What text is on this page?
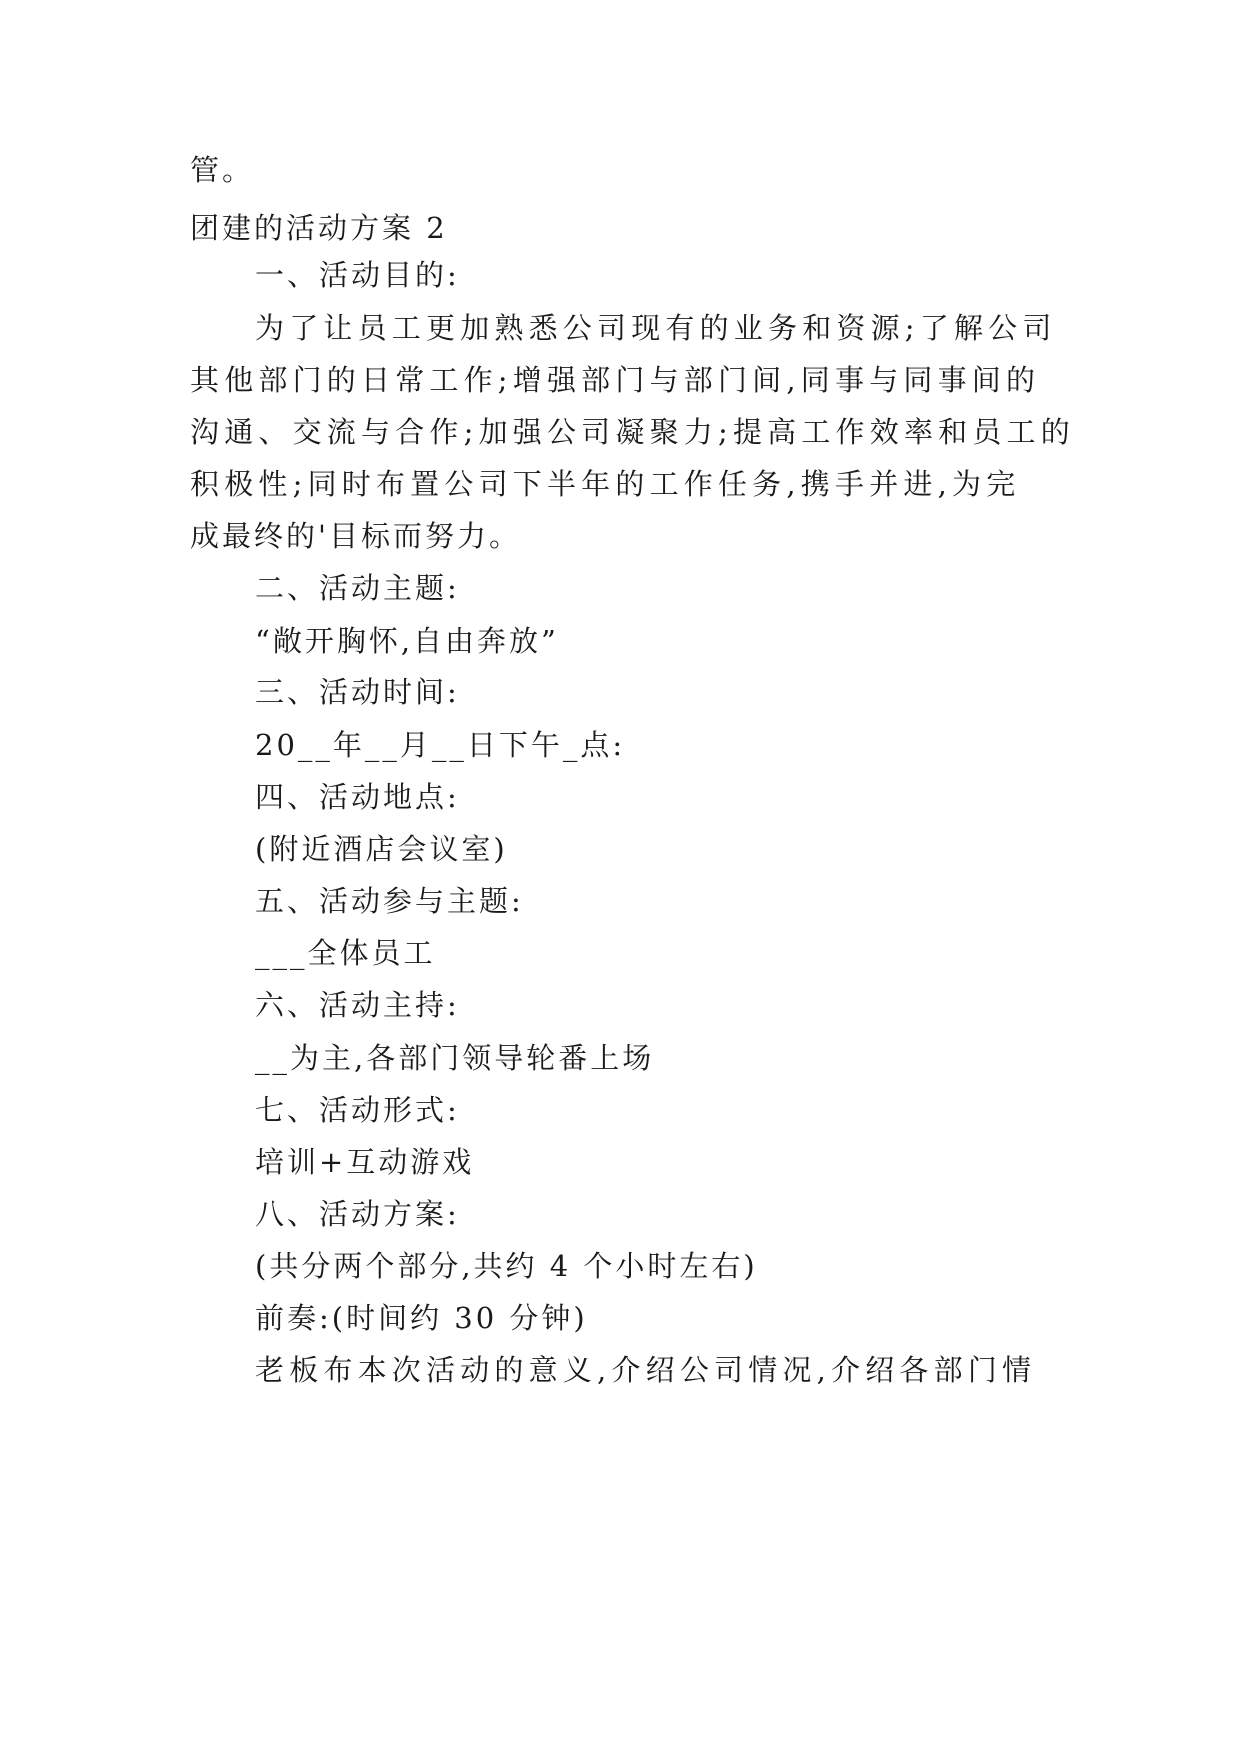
管。
团建的活动方案 2
一、活动目的:
为了让员工更加熟悉公司现有的业务和资源;了解公司
其他部门的日常工作;增强部门与部门间,同事与同事间的
沟通、交流与合作;加强公司凝聚力;提高工作效率和员工的
积极性;同时布置公司下半年的工作任务,携手并进,为完
成最终的'目标而努力。
二、活动主题:
“敞开胸怀,自由奔放”
三、活动时间:
20__年__月__日下午_点:
四、活动地点:
(附近酒店会议室)
五、活动参与主题:
___全体员工
六、活动主持:
__为主,各部门领导轮番上场
七、活动形式:
培训+互动游戏
八、活动方案:
(共分两个部分,共约 4 个小时左右)
前奏:(时间约 30 分钟)
老板布本次活动的意义,介绍公司情况,介绍各部门情
